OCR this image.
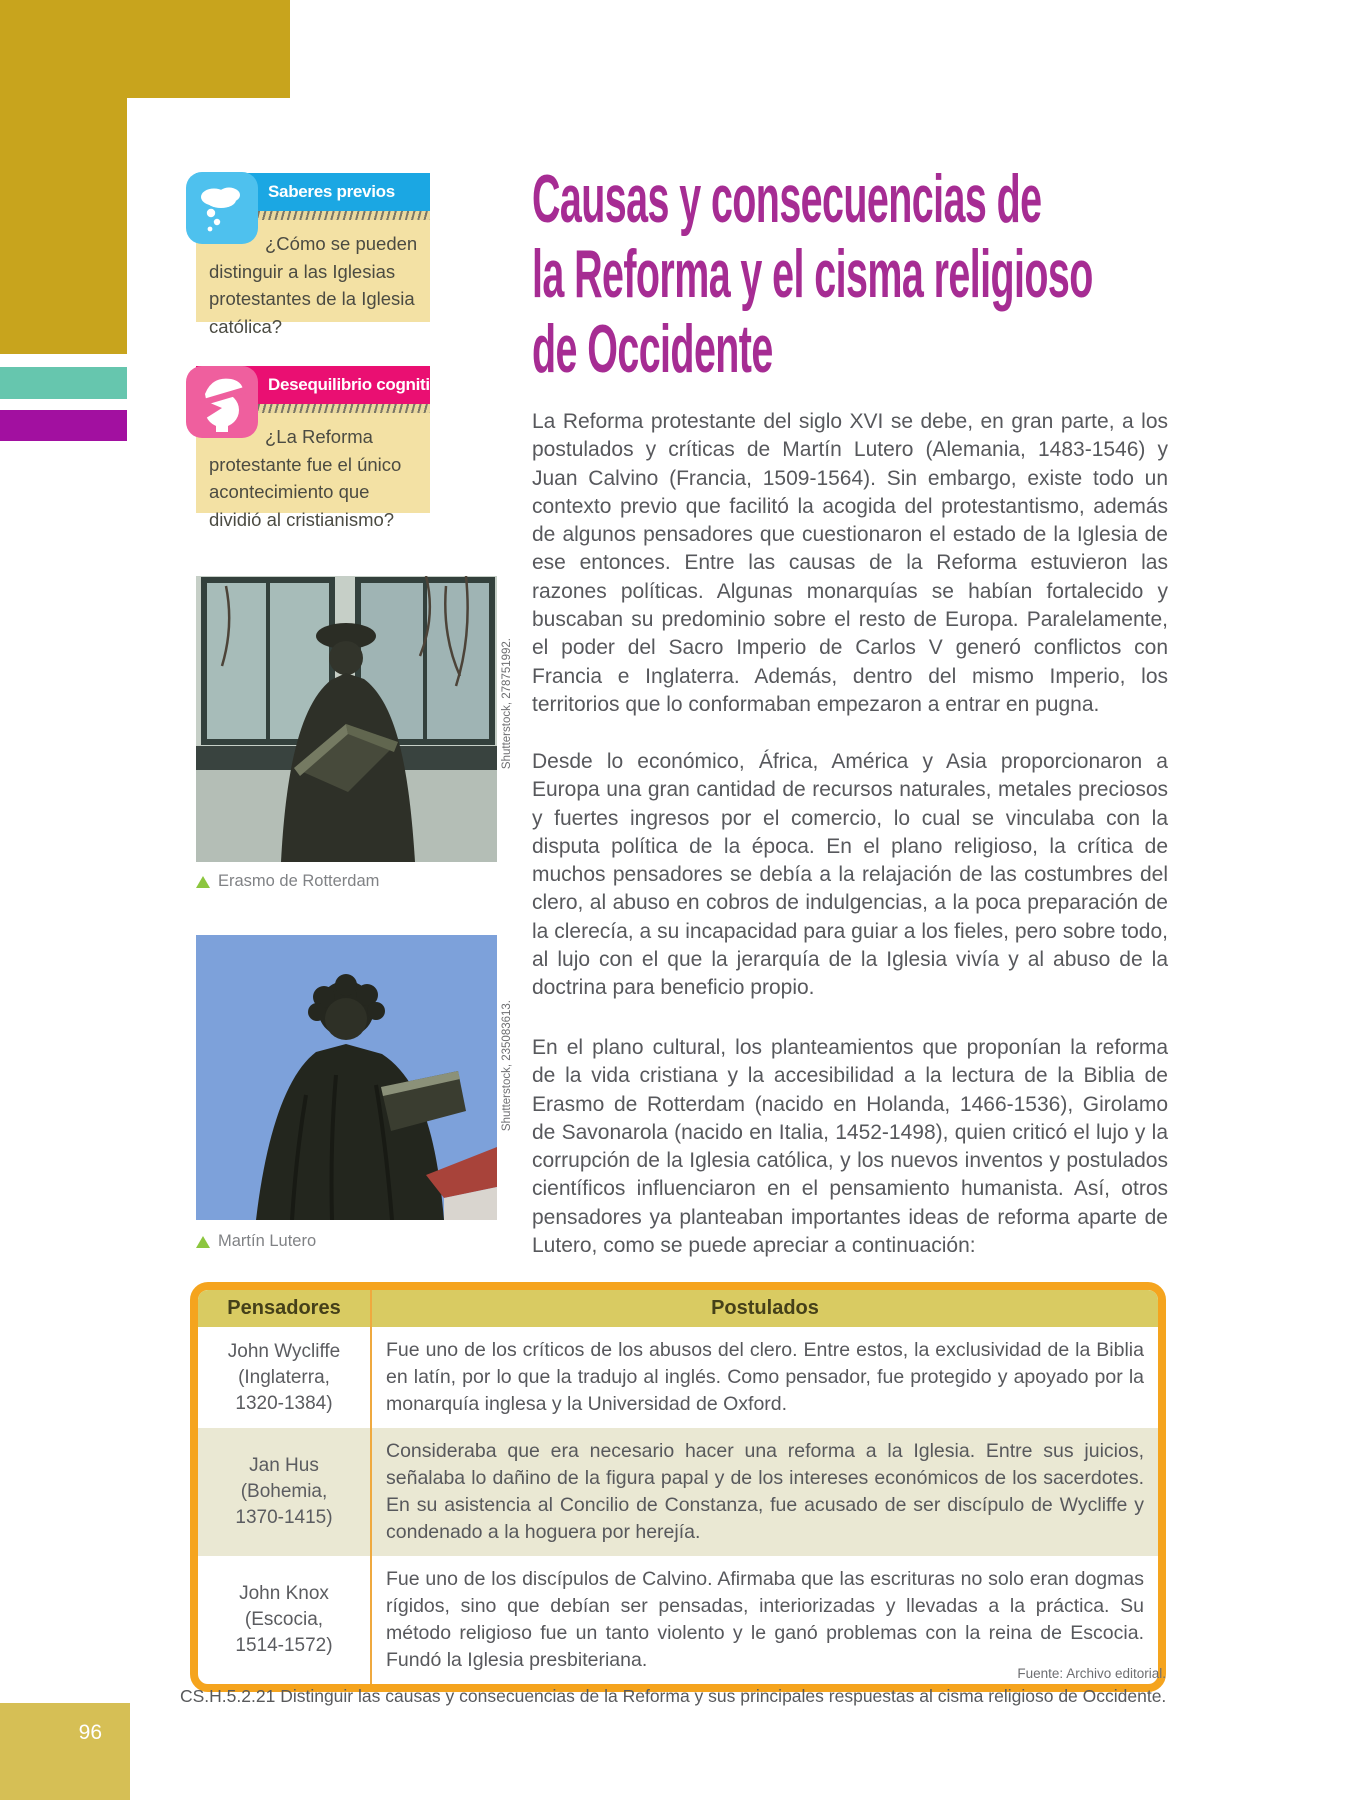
Saberes previos

¿Cómo se pueden distinguir a las Iglesias protestantes de la Iglesia católica?

Desequilibrio cognitivo

¿La Reforma protestante fue el único acontecimiento que dividió al cristianismo?

Shutterstock, 278751992.
Erasmo de Rotterdam
Shutterstock, 235083613.
Martín Lutero
Causas y consecuencias de
la Reforma y el cisma religioso
de Occidente
La Reforma protestante del siglo XVI se debe, en gran parte, a los postulados y críticas de Martín Lutero (Alemania, 1483-1546) y Juan Calvino (Francia, 1509-1564). Sin embargo, existe todo un contexto previo que facilitó la acogida del protestantismo, además de algunos pensadores que cuestionaron el estado de la Iglesia de ese entonces. Entre las causas de la Reforma estuvieron las razones políticas. Algunas monarquías se habían fortalecido y buscaban su predominio sobre el resto de Europa. Paralelamente, el poder del Sacro Imperio de Carlos V generó conflictos con Francia e Inglaterra. Además, dentro del mismo Imperio, los territorios que lo conformaban empezaron a entrar en pugna.
Desde lo económico, África, América y Asia proporcionaron a Europa una gran cantidad de recursos naturales, metales preciosos y fuertes ingresos por el comercio, lo cual se vinculaba con la disputa política de la época. En el plano religioso, la crítica de muchos pensadores se debía a la relajación de las costumbres del clero, al abuso en cobros de indulgencias, a la poca preparación de la clerecía, a su incapacidad para guiar a los fieles, pero sobre todo, al lujo con el que la jerarquía de la Iglesia vivía y al abuso de la doctrina para beneficio propio.
En el plano cultural, los planteamientos que proponían la reforma de la vida cristiana y la accesibilidad a la lectura de la Biblia de Erasmo de Rotterdam (nacido en Holanda, 1466-1536), Girolamo de Savonarola (nacido en Italia, 1452-1498), quien criticó el lujo y la corrupción de la Iglesia católica, y los nuevos inventos y postulados científicos influenciaron en el pensamiento humanista. Así, otros pensadores ya planteaban importantes ideas de reforma aparte de Lutero, como se puede apreciar a continuación:
Pensadores	Postulados
John Wycliffe
(Inglaterra,
1320-1384)
Fue uno de los críticos de los abusos del clero. Entre estos, la exclusividad de la Biblia en latín, por lo que la tradujo al inglés. Como pensador, fue protegido y apoyado por la monarquía inglesa y la Universidad de Oxford.
Jan Hus
(Bohemia,
1370-1415)
Consideraba que era necesario hacer una reforma a la Iglesia. Entre sus juicios, señalaba lo dañino de la figura papal y de los intereses económicos de los sacerdotes. En su asistencia al Concilio de Constanza, fue acusado de ser discípulo de Wycliffe y condenado a la hoguera por herejía.
John Knox
(Escocia,
1514-1572)
Fue uno de los discípulos de Calvino. Afirmaba que las escrituras no solo eran dogmas rígidos, sino que debían ser pensadas, interiorizadas y llevadas a la práctica. Su método religioso fue un tanto violento y le ganó problemas con la reina de Escocia. Fundó la Iglesia presbiteriana.
Fuente: Archivo editorial.
CS.H.5.2.21 Distinguir las causas y consecuencias de la Reforma y sus principales respuestas al cisma religioso de Occidente.
96
